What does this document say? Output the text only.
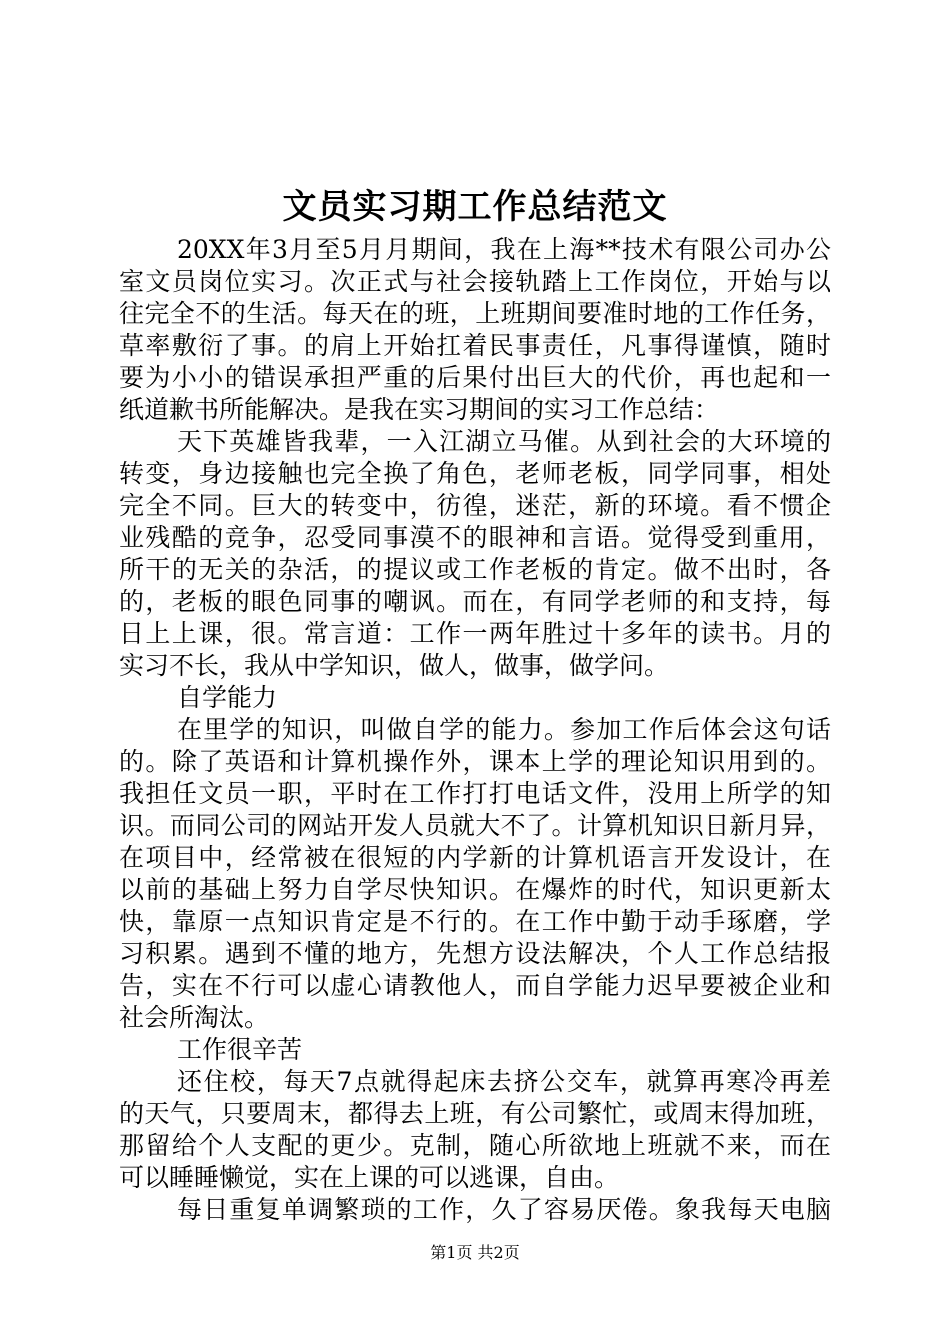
文员实习期工作总结范文
20XX年3月至5月月期间，我在上海**技术有限公司办公
室文员岗位实习。次正式与社会接轨踏上工作岗位，开始与以
往完全不的生活。每天在的班，上班期间要准时地的工作任务，
草率敷衍了事。的肩上开始扛着民事责任，凡事得谨慎，随时
要为小小的错误承担严重的后果付出巨大的代价，再也起和一
纸道歉书所能解决。是我在实习期间的实习工作总结：
天下英雄皆我辈，一入江湖立马催。从到社会的大环境的
转变，身边接触也完全换了角色，老师老板，同学同事，相处
完全不同。巨大的转变中，彷徨，迷茫，新的环境。看不惯企
业残酷的竞争，忍受同事漠不的眼神和言语。觉得受到重用，
所干的无关的杂活，的提议或工作老板的肯定。做不出时，各
的，老板的眼色同事的嘲讽。而在，有同学老师的和支持，每
日上上课，很。常言道：工作一两年胜过十多年的读书。月的
实习不长，我从中学知识，做人，做事，做学问。
自学能力
在里学的知识，叫做自学的能力。参加工作后体会这句话
的。除了英语和计算机操作外，课本上学的理论知识用到的。
我担任文员一职，平时在工作打打电话文件，没用上所学的知
识。而同公司的网站开发人员就大不了。计算机知识日新月异，
在项目中，经常被在很短的内学新的计算机语言开发设计，在
以前的基础上努力自学尽快知识。在爆炸的时代，知识更新太
快，靠原一点知识肯定是不行的。在工作中勤于动手琢磨，学
习积累。遇到不懂的地方，先想方设法解决，个人工作总结报
告，实在不行可以虚心请教他人，而自学能力迟早要被企业和
社会所淘汰。
工作很辛苦
还住校，每天7点就得起床去挤公交车，就算再寒冷再差
的天气，只要周末，都得去上班，有公司繁忙，或周末得加班，
那留给个人支配的更少。克制，随心所欲地上班就不来，而在
可以睡睡懒觉，实在上课的可以逃课，自由。
每日重复单调繁琐的工作，久了容易厌倦。象我每天电脑
第1页 共2页
